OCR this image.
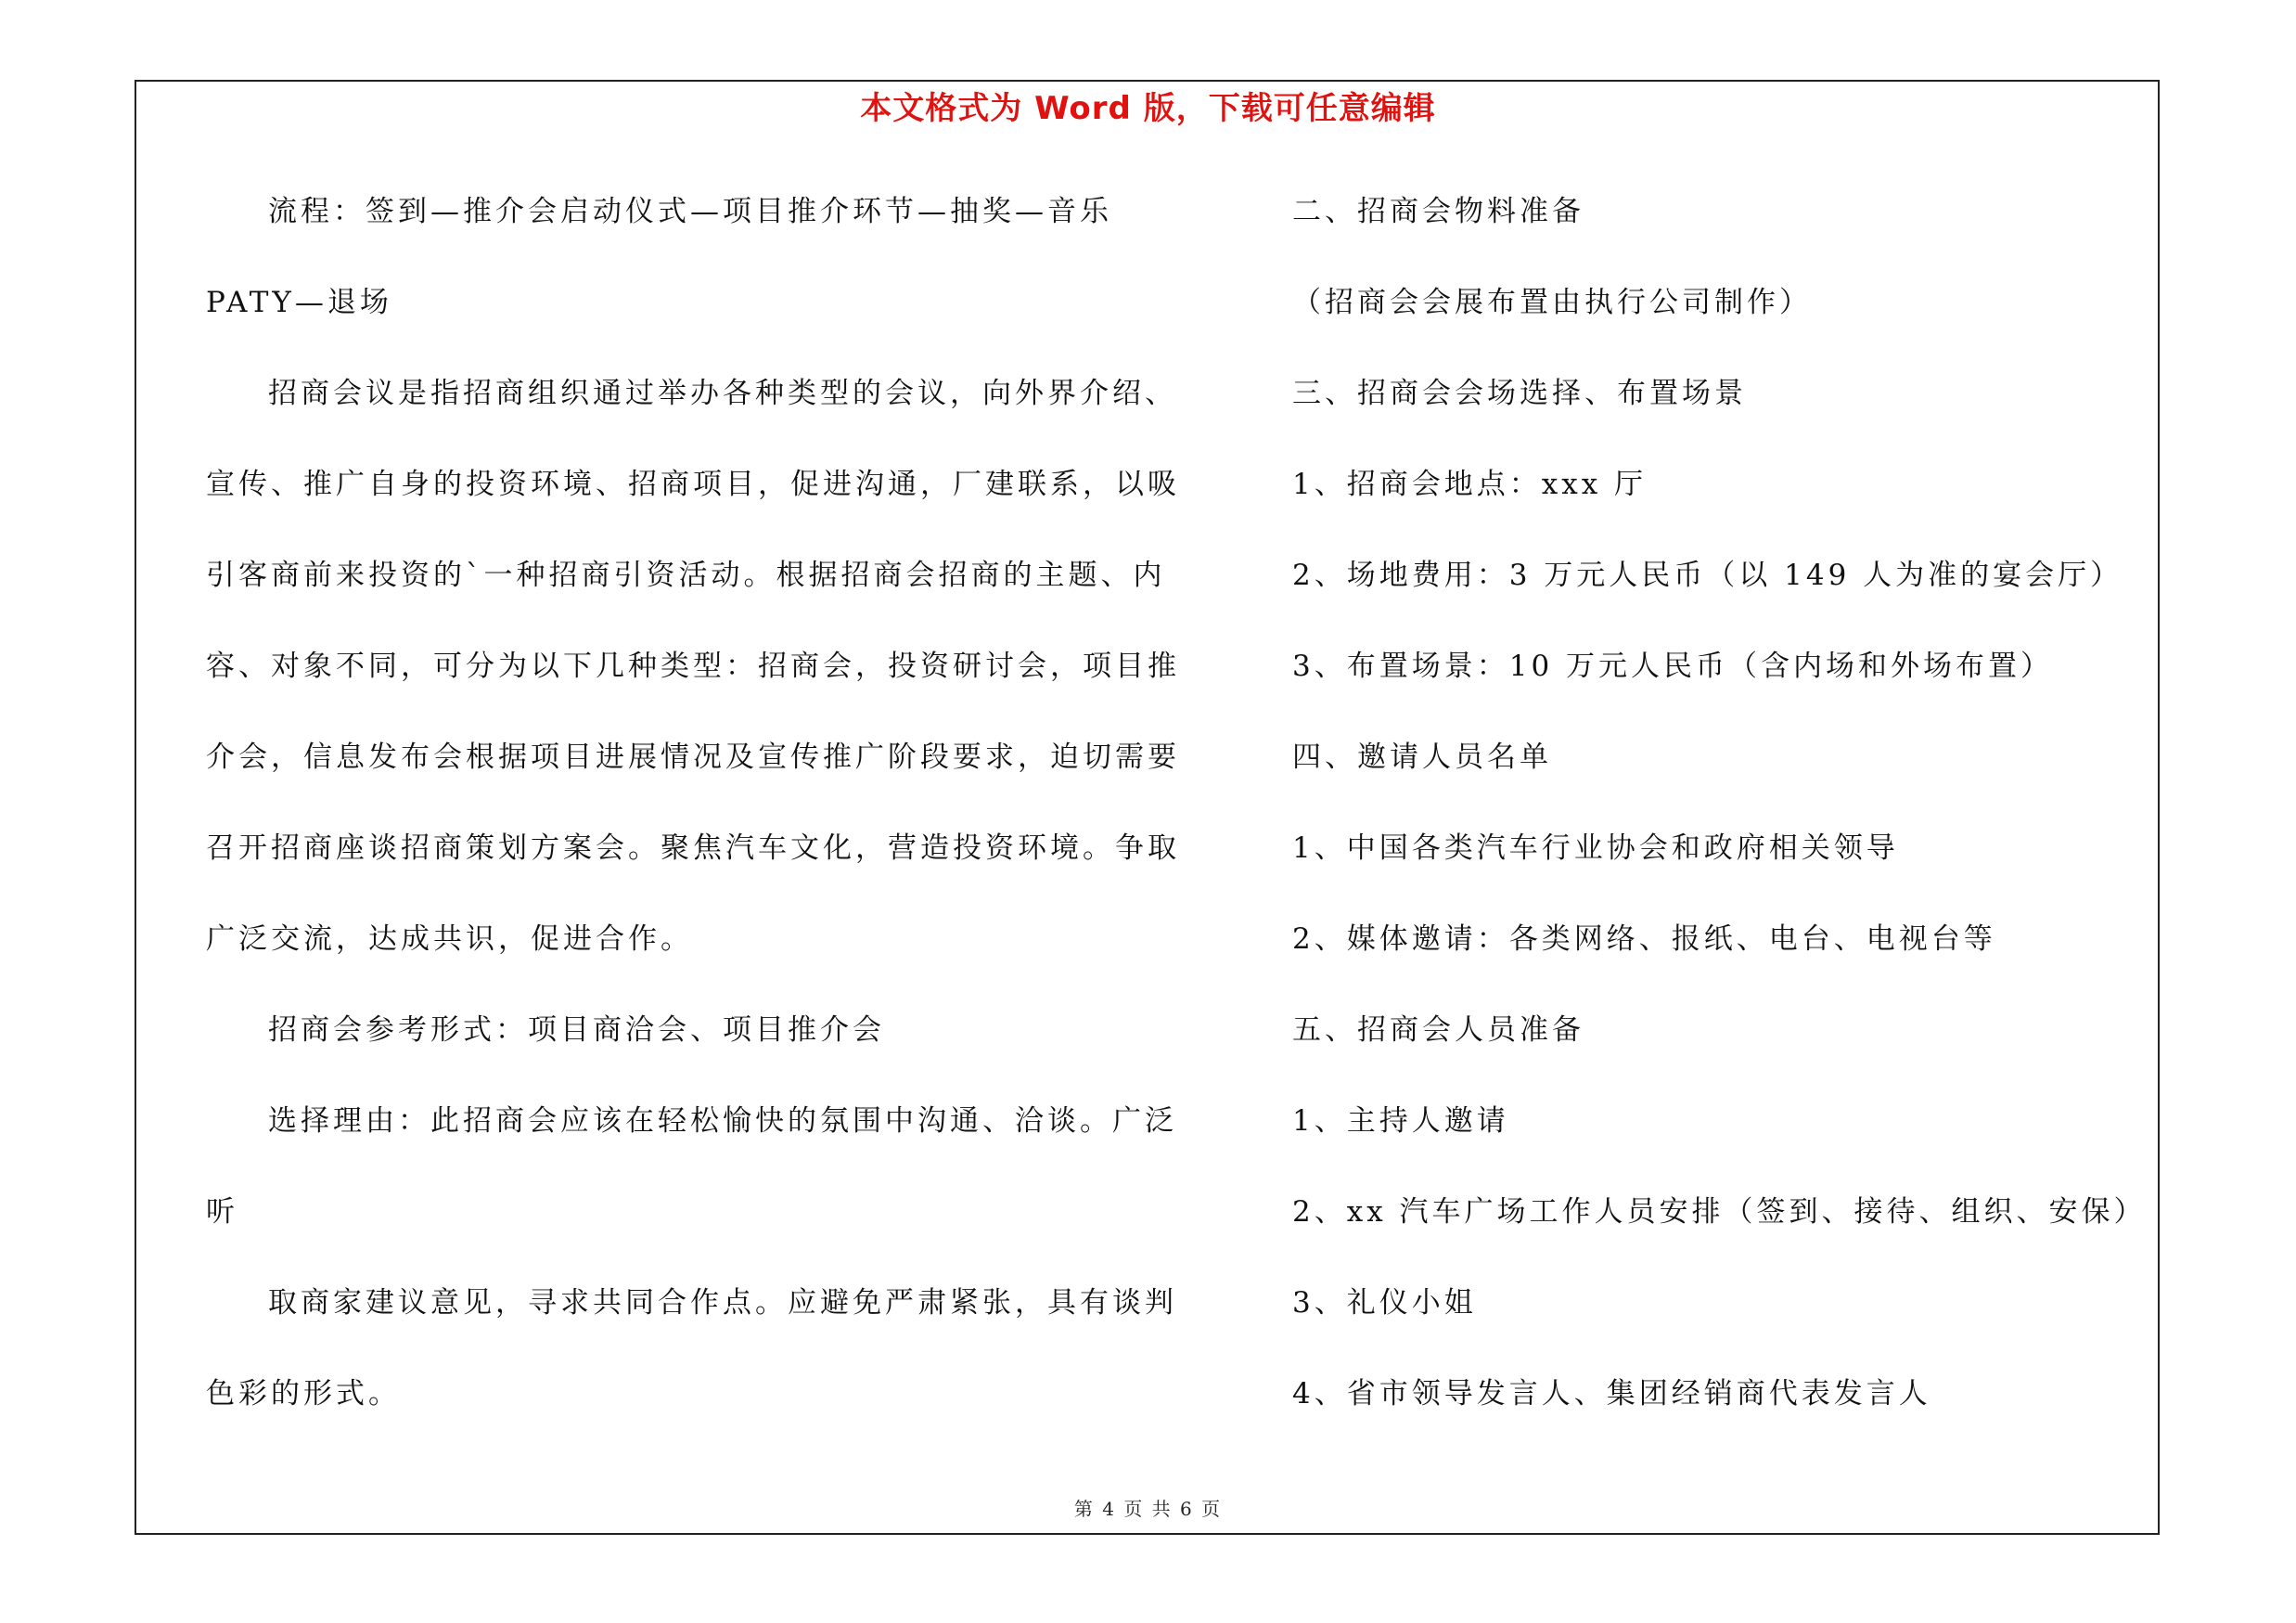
本文格式为 Word 版，下载可任意编辑
流程：签到—推介会启动仪式—项目推介环节—抽奖—音乐
PATY—退场
招商会议是指招商组织通过举办各种类型的会议，向外界介绍、
宣传、推广自身的投资环境、招商项目，促进沟通，厂建联系，以吸
引客商前来投资的`一种招商引资活动。根据招商会招商的主题、内
容、对象不同，可分为以下几种类型：招商会，投资研讨会，项目推
介会，信息发布会根据项目进展情况及宣传推广阶段要求，迫切需要
召开招商座谈招商策划方案会。聚焦汽车文化，营造投资环境。争取
广泛交流，达成共识，促进合作。
招商会参考形式：项目商洽会、项目推介会
选择理由：此招商会应该在轻松愉快的氛围中沟通、洽谈。广泛
听
取商家建议意见，寻求共同合作点。应避免严肃紧张，具有谈判
色彩的形式。
二、招商会物料准备
（招商会会展布置由执行公司制作）
三、招商会会场选择、布置场景
1、招商会地点：xxx 厅
2、场地费用：3 万元人民币（以 149 人为准的宴会厅）
3、布置场景：10 万元人民币（含内场和外场布置）
四、邀请人员名单
1、中国各类汽车行业协会和政府相关领导
2、媒体邀请：各类网络、报纸、电台、电视台等
五、招商会人员准备
1、主持人邀请
2、xx 汽车广场工作人员安排（签到、接待、组织、安保）
3、礼仪小姐
4、省市领导发言人、集团经销商代表发言人
第 4 页 共 6 页
